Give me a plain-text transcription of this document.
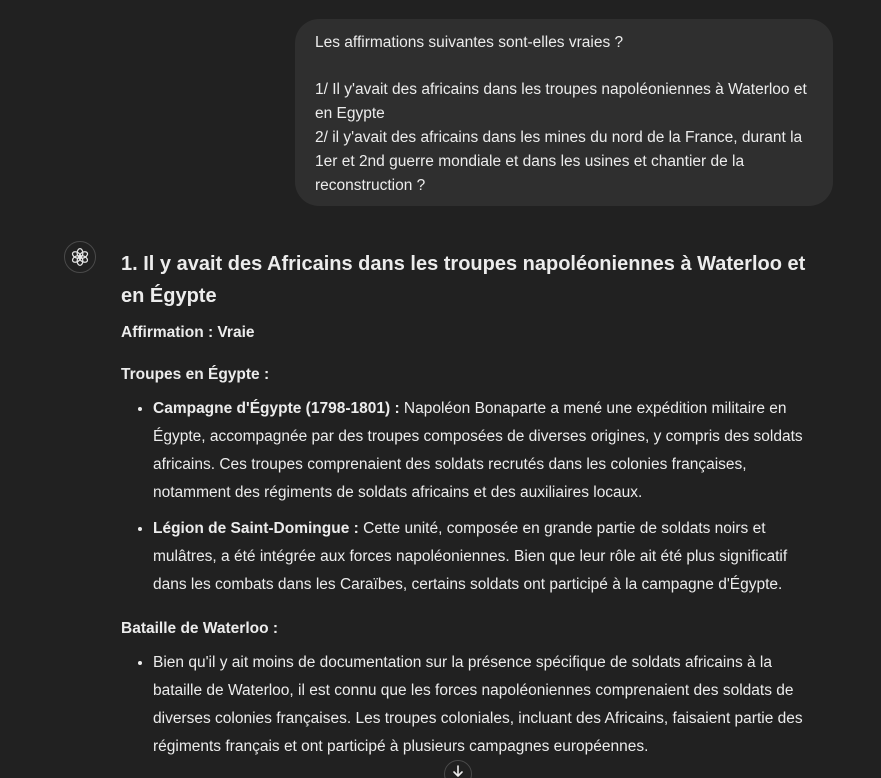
Les affirmations suivantes sont-elles vraies ?

1/ Il y'avait des africains dans les troupes napoléoniennes à Waterloo et en Egypte

2/ il y'avait des africains dans les mines du nord de la France, durant la 1er et 2nd guerre mondiale et dans les usines et chantier de la reconstruction ?

1. Il y avait des Africains dans les troupes napoléoniennes à Waterloo et en Égypte
Affirmation : Vraie
Troupes en Égypte :
• Campagne d'Égypte (1798-1801) : Napoléon Bonaparte a mené une expédition militaire en Égypte, accompagnée par des troupes composées de diverses origines, y compris des soldats africains. Ces troupes comprenaient des soldats recrutés dans les colonies françaises, notamment des régiments de soldats africains et des auxiliaires locaux.
• Légion de Saint-Domingue : Cette unité, composée en grande partie de soldats noirs et mulâtres, a été intégrée aux forces napoléoniennes. Bien que leur rôle ait été plus significatif dans les combats dans les Caraïbes, certains soldats ont participé à la campagne d'Égypte.
Bataille de Waterloo :
• Bien qu'il y ait moins de documentation sur la présence spécifique de soldats africains à la bataille de Waterloo, il est connu que les forces napoléoniennes comprenaient des soldats de diverses colonies françaises. Les troupes coloniales, incluant des Africains, faisaient partie des régiments français et ont participé à plusieurs campagnes européennes.
